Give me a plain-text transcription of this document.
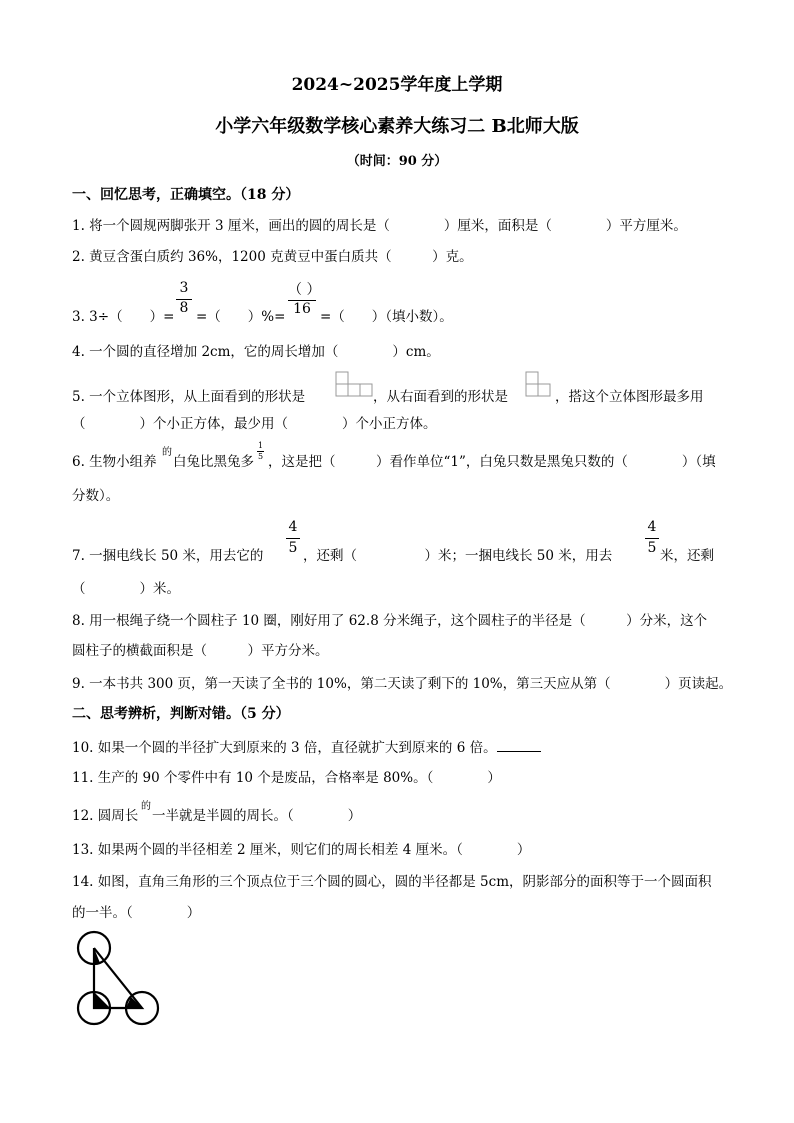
2024~2025学年度上学期
小学六年级数学核心素养大练习二 B北师大版
（时间：90 分）
一、回忆思考，正确填空。（18 分）
1. 将一个圆规两脚张开 3 厘米，画出的圆的周长是（　　　　）厘米，面积是（　　　　）平方厘米。
2. 黄豆含蛋白质约 36%，1200 克黄豆中蛋白质共（　　　）克。
3. 3÷（　　）=
3
8
=（　　）%=
（ ）
16 =（　　）（填小数）。
4. 一个圆的直径增加 2cm，它的周长增加（　　　　）cm。
5. 一个立体图形，从上面看到的形状是	，从右面看到的形状是	，搭这个立体图形最多用
（　　　　）个小正方体，最少用（　　　　）个小正方体。
6. 生物小组养
的
白兔比黑兔多
1
5 ，这是把（　　　）看作单位“1”，白兔只数是黑兔只数的（　　　　）（填
分数）。
7. 一捆电线长 50 米，用去它的
4
5 ，还剩（　　　　　）米；一捆电线长 50 米，用去
4
5 米，还剩
（　　　　）米。
8. 用一根绳子绕一个圆柱子 10 圈，刚好用了 62.8 分米绳子，这个圆柱子的半径是（　　　）分米，这个
圆柱子的横截面积是（　　　）平方分米。
9. 一本书共 300 页，第一天读了全书的 10%，第二天读了剩下的 10%，第三天应从第（　　　　）页读起。
二、思考辨析，判断对错。（5 分）
10. 如果一个圆的半径扩大到原来的 3 倍，直径就扩大到原来的 6 倍。
11. 生产的 90 个零件中有 10 个是废品，合格率是 80%。（　　　　）
12. 圆周长
的
一半就是半圆的周长。（　　　　）
13. 如果两个圆的半径相差 2 厘米，则它们的周长相差 4 厘米。（　　　　）
14. 如图，直角三角形的三个顶点位于三个圆的圆心，圆的半径都是 5cm，阴影部分的面积等于一个圆面积
的一半。（　　　　）
